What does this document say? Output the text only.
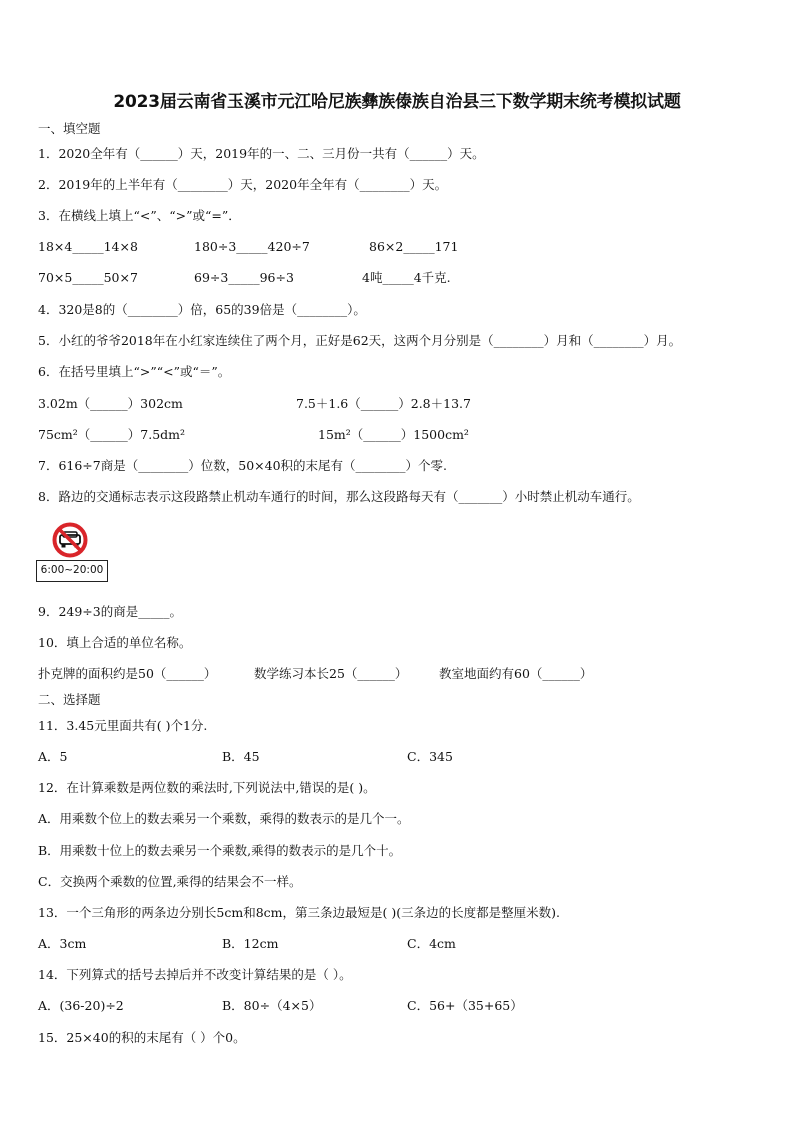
2023届云南省玉溪市元江哈尼族彝族傣族自治县三下数学期末统考模拟试题
一、填空题
1．2020全年有（______）天，2019年的一、二、三月份一共有（______）天。
2．2019年的上半年有（________）天，2020年全年有（________）天。
3．在横线上填上“<”、“>”或“=”．
18×4_____14×8	180÷3_____420÷7	86×2_____171
70×5_____50×7	69÷3_____96÷3	4吨_____4千克.
4．320是8的（________）倍，65的39倍是（________）。
5．小红的爷爷2018年在小红家连续住了两个月，正好是62天，这两个月分别是（________）月和（________）月。
6．在括号里填上“>”“<”或“＝”。
3.02m（______）302cm	7.5＋1.6（______）2.8＋13.7
75cm²（______）7.5dm²	15m²（______）1500cm²
7．616÷7商是（________）位数，50×40积的末尾有（________）个零.
8．路边的交通标志表示这段路禁止机动车通行的时间，那么这段路每天有（_______）小时禁止机动车通行。
6:00~20:00
9．249÷3的商是_____。
10．填上合适的单位名称。
扑克牌的面积约是50（______）	数学练习本长25（______）	教室地面约有60（______）
二、选择题
11．3.45元里面共有( )个1分.
A．5	B．45	C．345
12．在计算乘数是两位数的乘法时,下列说法中,错误的是( )。
A．用乘数个位上的数去乘另一个乘数，乘得的数表示的是几个一。
B．用乘数十位上的数去乘另一个乘数,乘得的数表示的是几个十。
C．交换两个乘数的位置,乘得的结果会不一样。
13．一个三角形的两条边分别长5cm和8cm，第三条边最短是( )(三条边的长度都是整厘米数).
A．3cm	B．12cm	C．4cm
14．下列算式的括号去掉后并不改变计算结果的是（ ）。
A．(36-20)÷2	B．80÷（4×5）	C．56+（35+65）
15．25×40的积的末尾有（ ）个0。
